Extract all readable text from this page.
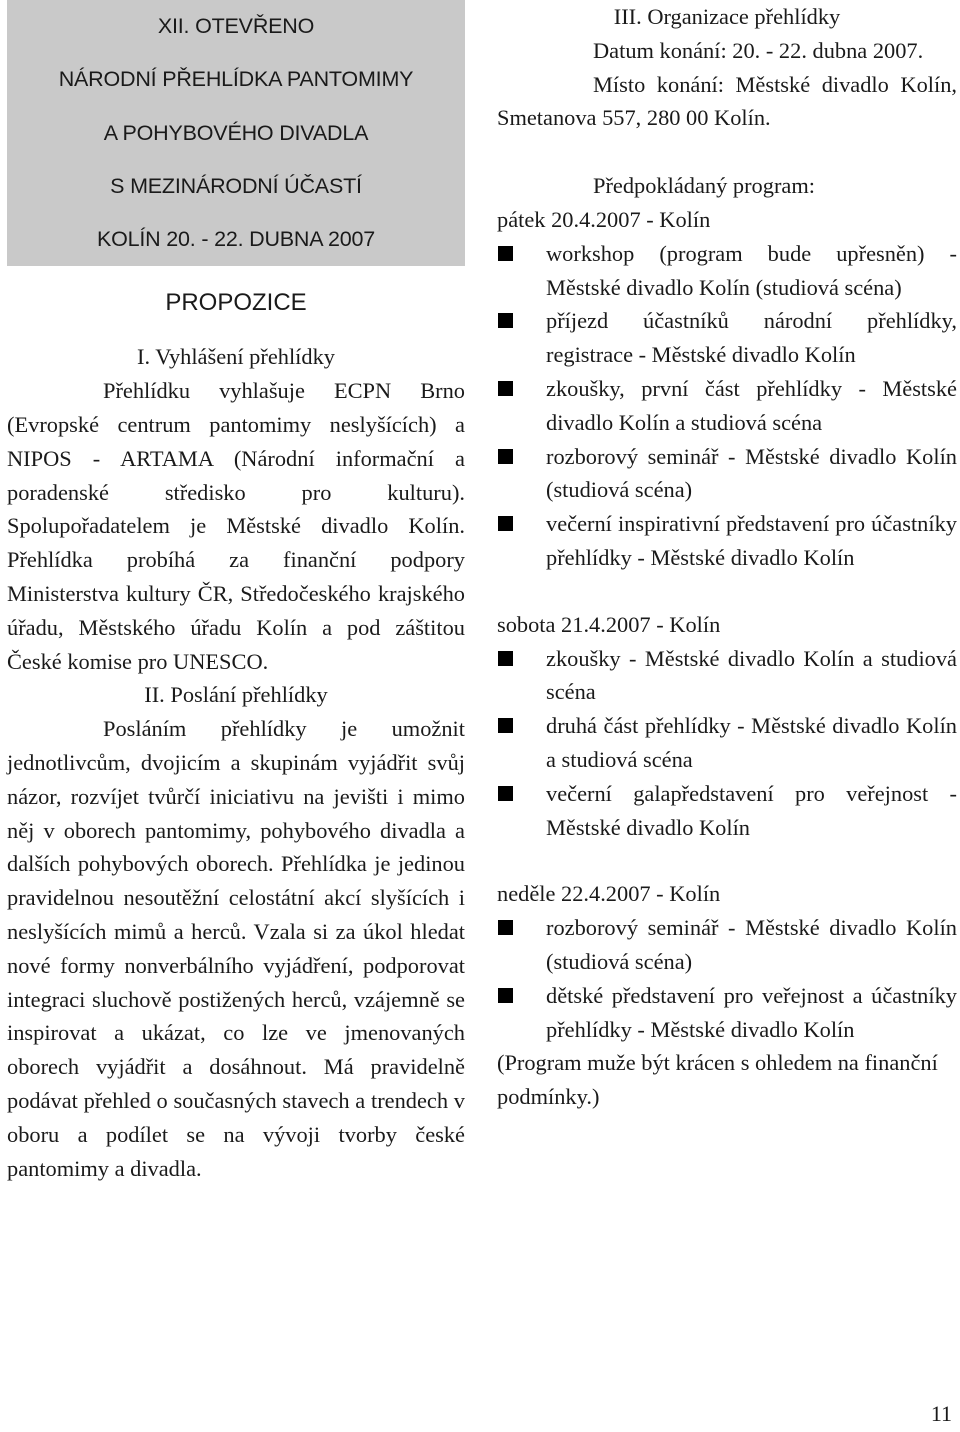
XII. OTEVŘENO
NÁRODNÍ PŘEHLÍDKA PANTOMIMY
A POHYBOVÉHO DIVADLA
S MEZINÁRODNÍ ÚČASTÍ
KOLÍN 20. - 22. DUBNA 2007
PROPOZICE
I. Vyhlášení přehlídky
Přehlídku vyhlašuje ECPN Brno (Evropské centrum pantomimy neslyšících) a NIPOS - ARTAMA (Národní informační a poradenské středisko pro kulturu). Spolupořadatelem je Městské divadlo Kolín. Přehlídka probíhá za finanční podpory Ministerstva kultury ČR, Středočeského krajského úřadu, Městského úřadu Kolín a pod záštitou České komise pro UNESCO.
II. Poslání přehlídky
Posláním přehlídky je umožnit jednotlivcům, dvojicím a skupinám vyjádřit svůj názor, rozvíjet tvůrčí iniciativu na jevišti i mimo něj v oborech pantomimy, pohybového divadla a dalších pohybových oborech. Přehlídka je jedinou pravidelnou nesoutěžní celostátní akcí slyšících i neslyšících mimů a herců. Vzala si za úkol hledat nové formy nonverbálního vyjádření, podporovat integraci sluchově postižených herců, vzájemně se inspirovat a ukázat, co lze ve jmenovaných oborech vyjádřit a dosáhnout. Má pravidelně podávat přehled o současných stavech a trendech v oboru a podílet se na vývoji tvorby české pantomimy a divadla.
III. Organizace přehlídky
Datum konání: 20. - 22. dubna 2007.
Místo konání: Městské divadlo Kolín, Smetanova 557, 280 00 Kolín.
Předpokládaný program:
pátek 20.4.2007 - Kolín
workshop (program bude upřesněn) - Městské divadlo Kolín (studiová scéna)
příjezd účastníků národní přehlídky, registrace - Městské divadlo Kolín
zkoušky, první část přehlídky - Městské divadlo Kolín a studiová scéna
rozborový seminář - Městské divadlo Kolín (studiová scéna)
večerní inspirativní představení pro účastníky přehlídky - Městské divadlo Kolín
sobota 21.4.2007 - Kolín
zkoušky - Městské divadlo Kolín a studiová scéna
druhá část přehlídky - Městské divadlo Kolín a studiová scéna
večerní galapředstavení pro veřejnost - Městské divadlo Kolín
neděle 22.4.2007 - Kolín
rozborový seminář - Městské divadlo Kolín (studiová scéna)
dětské představení pro veřejnost a účastníky přehlídky - Městské divadlo Kolín
(Program muže být krácen s ohledem na finanční podmínky.)
11
